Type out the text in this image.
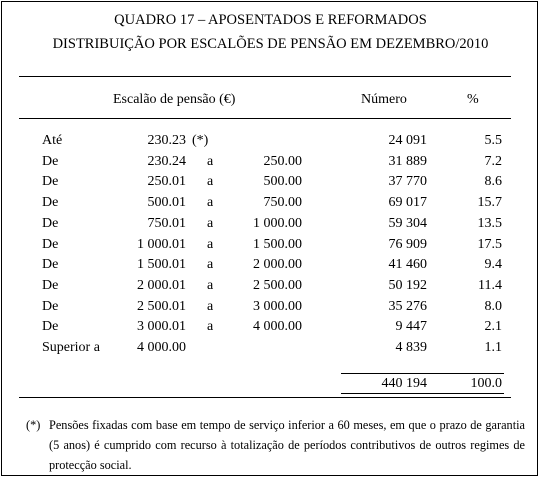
QUADRO 17 – APOSENTADOS E REFORMADOS
DISTRIBUIÇÃO POR ESCALÕES DE PENSÃO EM DEZEMBRO/2010
Escalão de pensão (€)	Número	%
Até	230.23 (*)	24 091	5.5
De	230.24 a	250.00	31 889	7.2
De	250.01 a	500.00	37 770	8.6
De	500.01 a	750.00	69 017	15.7
De	750.01 a	1 000.00	59 304	13.5
De	1 000.01 a	1 500.00	76 909	17.5
De	1 500.01 a	2 000.00	41 460	9.4
De	2 000.01 a	2 500.00	50 192	11.4
De	2 500.01 a	3 000.00	35 276	8.0
De	3 000.01 a	4 000.00	9 447	2.1
Superior a	4 000.00	4 839	1.1
440 194	100.0
(*) Pensões fixadas com base em tempo de serviço inferior a 60 meses, em que o prazo de garantia (5 anos) é cumprido com recurso à totalização de períodos contributivos de outros regimes de protecção social.
